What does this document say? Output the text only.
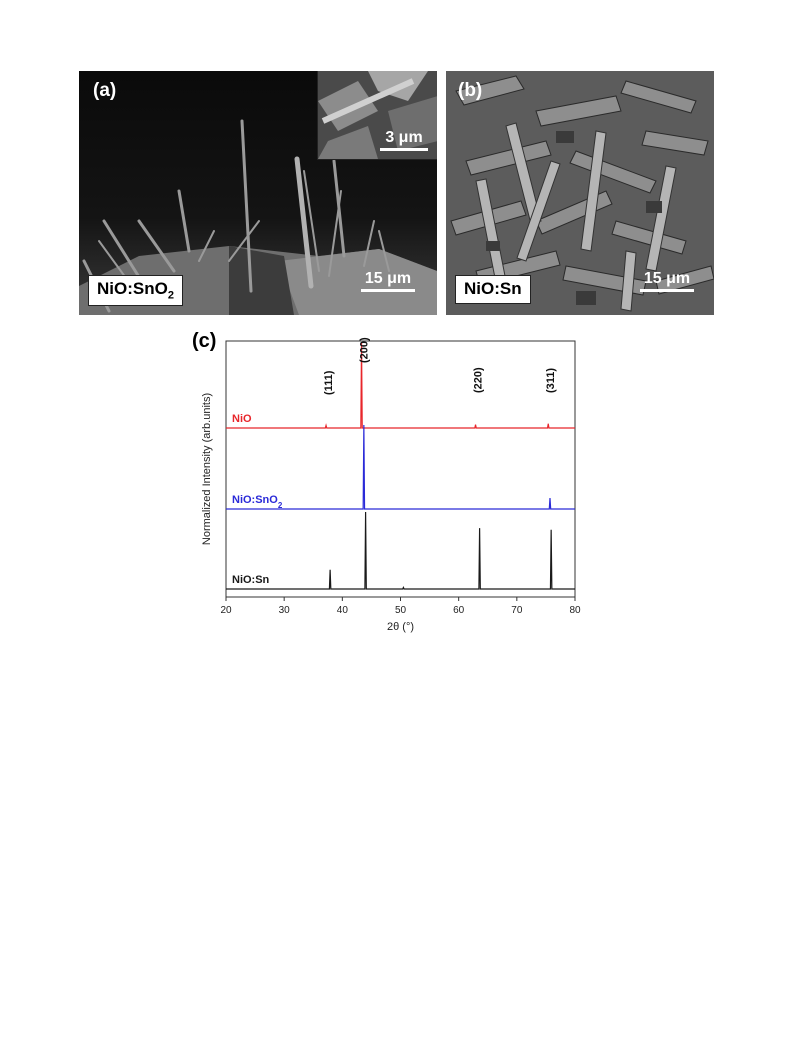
3 μm
(a)
NiO:SnO$_2$
15 μm
(b)
NiO:Sn
15 μm
(c)
20	30	40	50	60	70	80
2θ (°)
Normalized Intensity (arb.units) NiO
NiO:SnO$_2$
NiO:Sn
(111)
(200)
(220)	(311)
